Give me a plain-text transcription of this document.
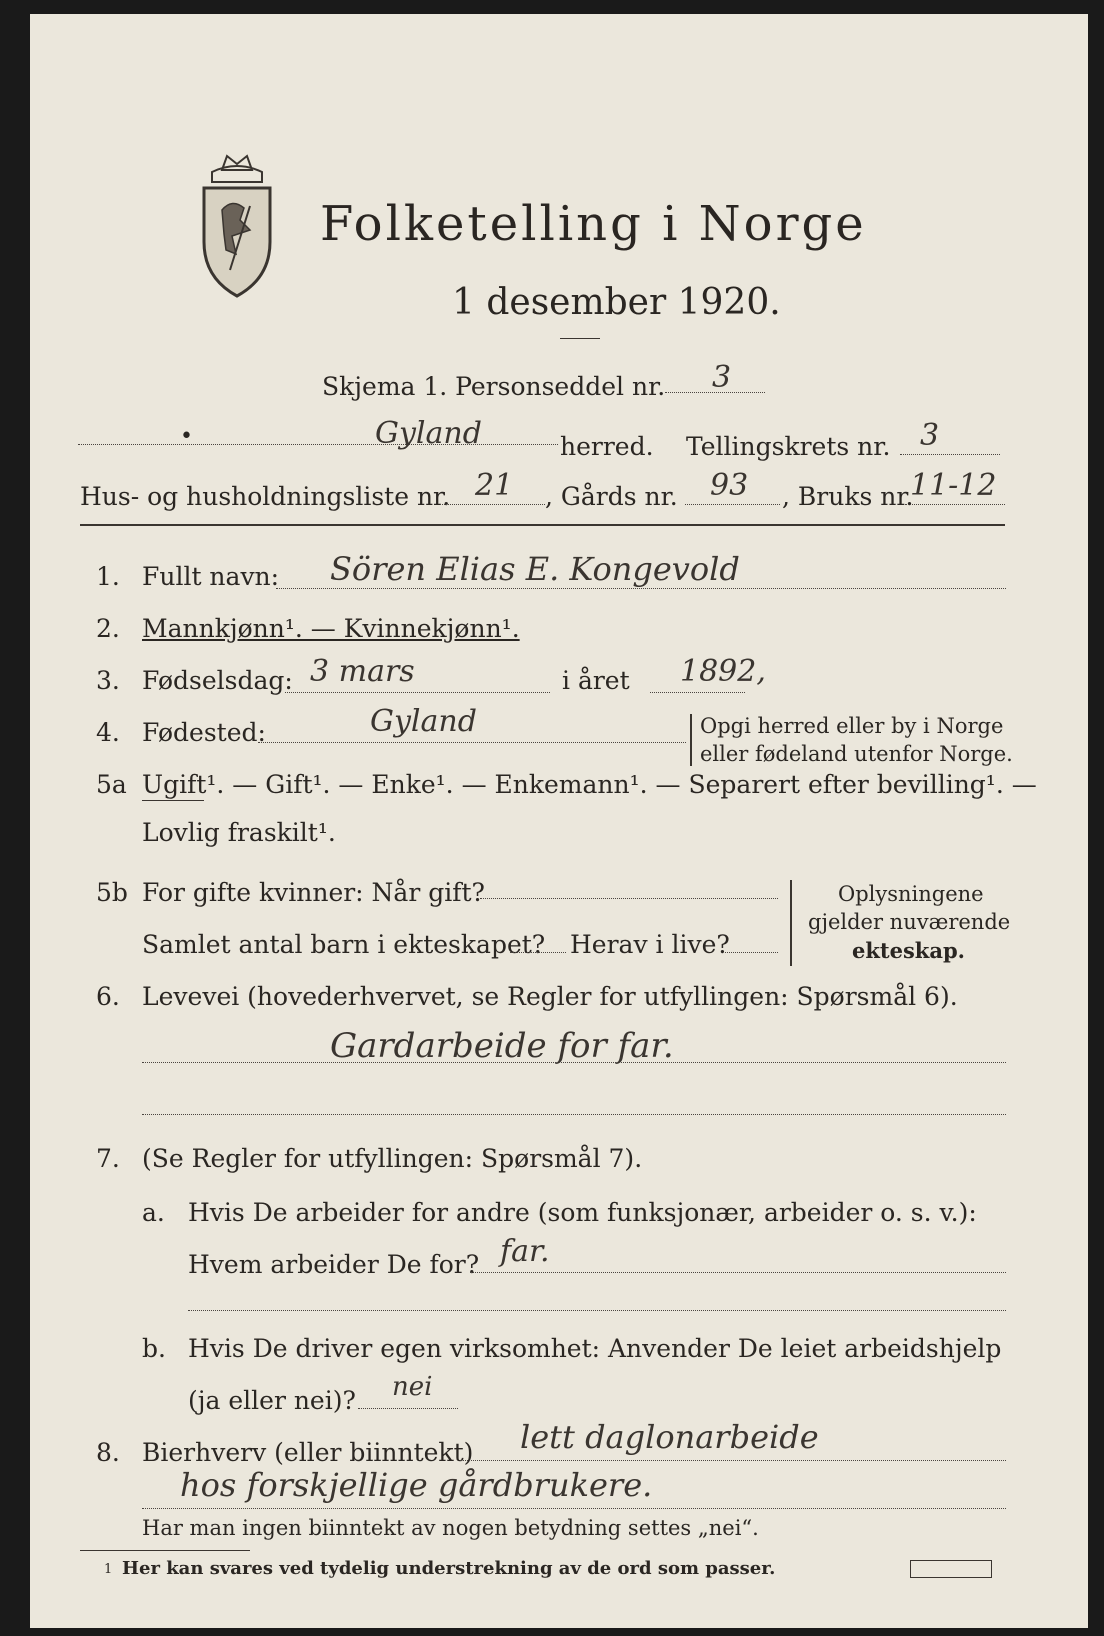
Folketelling i Norge
1 desember 1920.
Skjema 1. Personseddel nr. 3
•	Gyland	herred. Tellingskrets nr. 3
Hus- og husholdningsliste nr. 21 , Gårds nr. 93 , Bruks nr.
11-12
1. Fullt navn: Sören Elias E. Kongevold
2. Mannkjønn¹. — Kvinnekjønn¹.
3. Fødselsdag: 3 mars	i året 1892,
4. Fødested:	Gyland	Opgi herred eller by i Norge
eller fødeland utenfor Norge.
5a Ugift¹. — Gift¹. — Enke¹. — Enkemann¹. — Separert efter bevilling¹. —
Lovlig fraskilt¹.
5b For gifte kvinner: Når gift?
Samlet antal barn i ekteskapet? Herav i live?
Oplysningene
gjelder nuværende
ekteskap.
6. Levevei (hovederhvervet, se Regler for utfyllingen: Spørsmål 6).
Gardarbeide for far.
7. (Se Regler for utfyllingen: Spørsmål 7).
a. Hvis De arbeider for andre (som funksjonær, arbeider o. s. v.):
Hvem arbeider De for? far.
b. Hvis De driver egen virksomhet: Anvender De leiet arbeidshjelp
(ja eller nei)? nei
8. Bierhverv (eller biinntekt) lett daglonarbeide
hos forskjellige gårdbrukere.
Har man ingen biinntekt av nogen betydning settes „nei“.
1 Her kan svares ved tydelig understrekning av de ord som passer.
